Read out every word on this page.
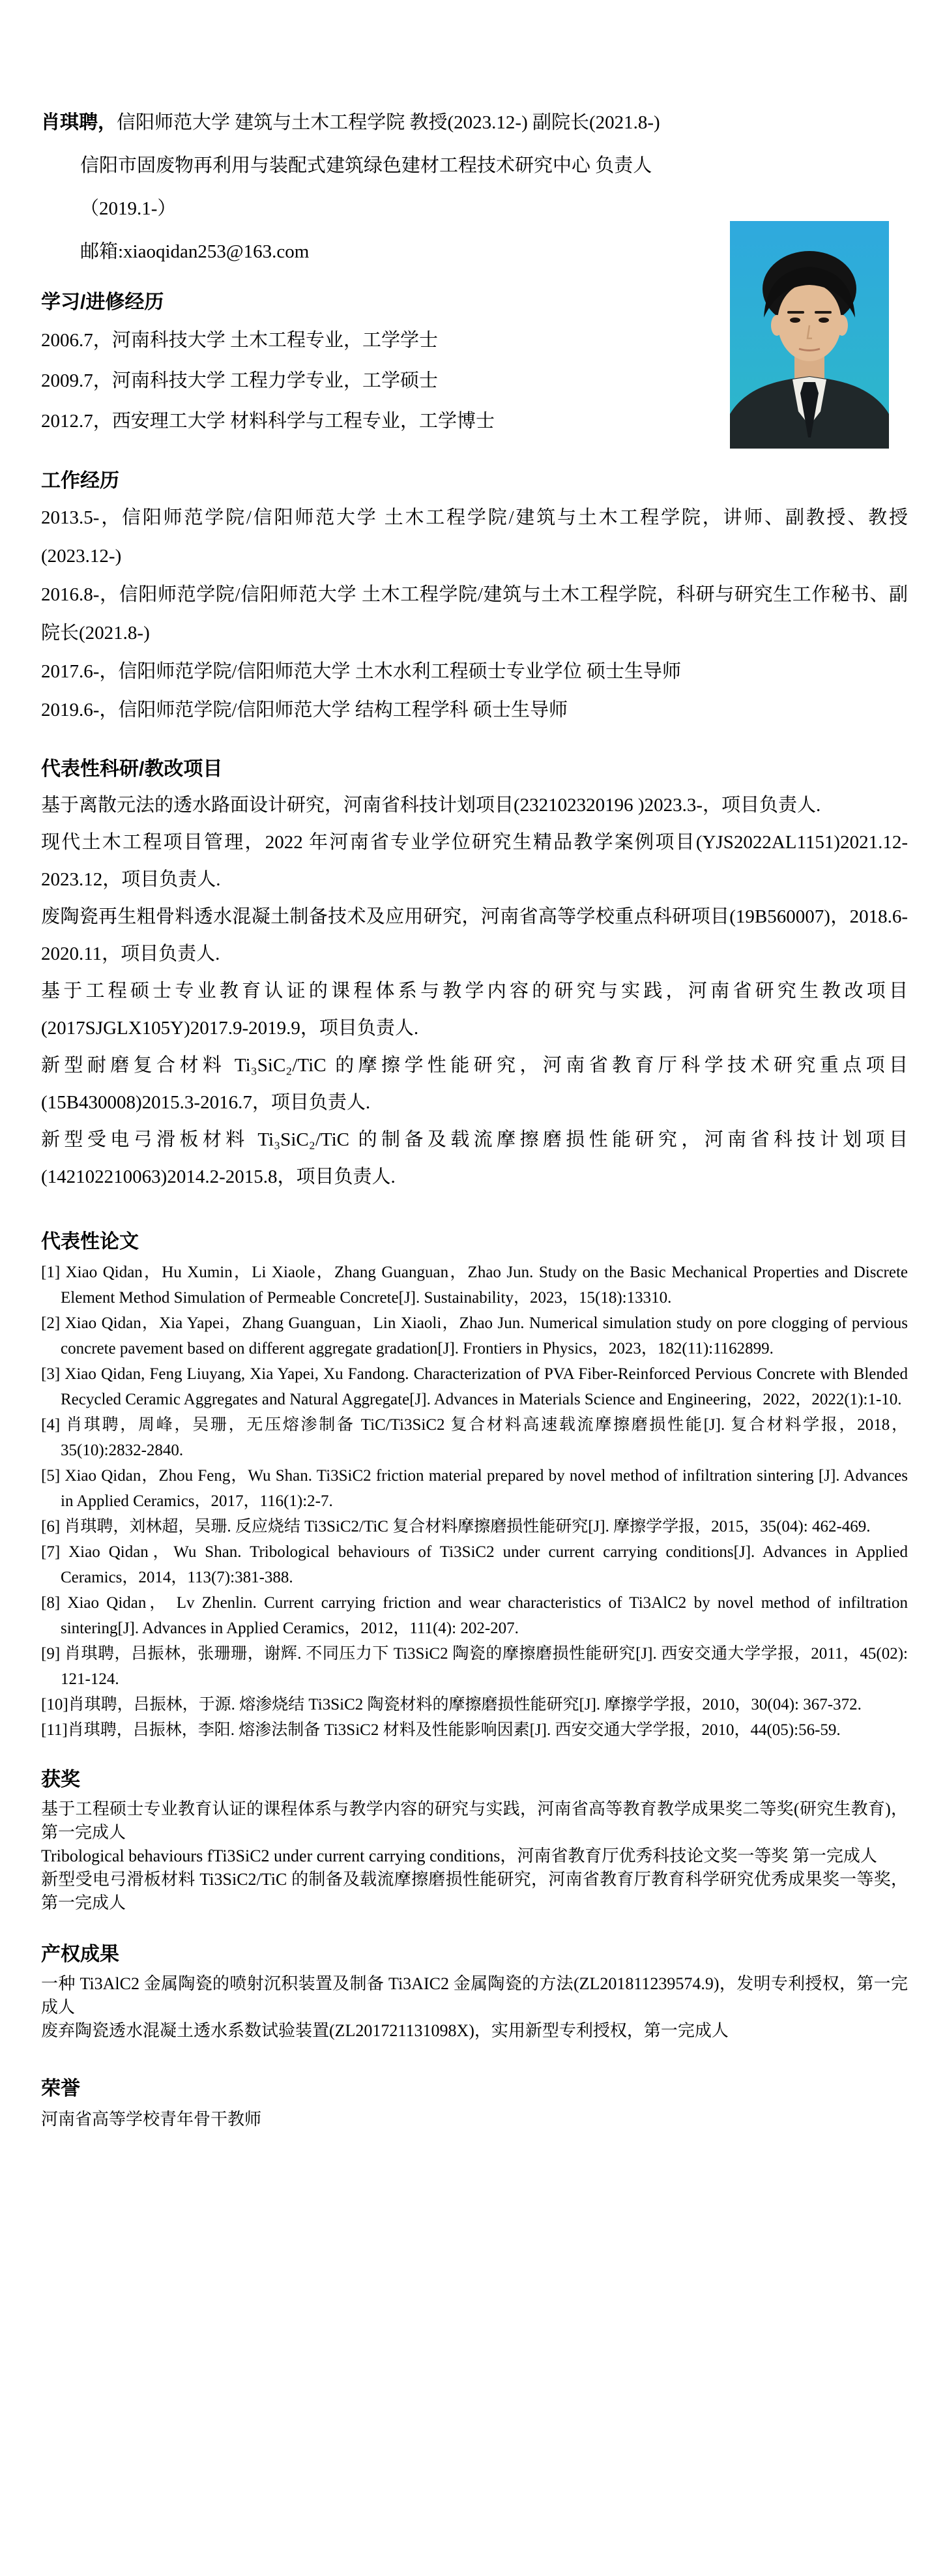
肖琪聘，信阳师范大学 建筑与土木工程学院 教授(2023.12-) 副院长(2021.8-)
信阳市固废物再利用与装配式建筑绿色建材工程技术研究中心 负责人
（2019.1-）
邮箱:xiaoqidan253@163.com
学习/进修经历
2006.7，河南科技大学 土木工程专业，工学学士
2009.7，河南科技大学 工程力学专业，工学硕士
2012.7，西安理工大学 材料科学与工程专业，工学博士
工作经历
2013.5-，信阳师范学院/信阳师范大学 土木工程学院/建筑与土木工程学院，讲师、副教授、教授 (2023.12-)
2016.8-，信阳师范学院/信阳师范大学 土木工程学院/建筑与土木工程学院，科研与研究生工作秘书、副院长(2021.8-)
2017.6-，信阳师范学院/信阳师范大学 土木水利工程硕士专业学位 硕士生导师
2019.6-，信阳师范学院/信阳师范大学 结构工程学科 硕士生导师
代表性科研/教改项目
基于离散元法的透水路面设计研究，河南省科技计划项目(232102320196 )2023.3-，项目负责人.
现代土木工程项目管理，2022 年河南省专业学位研究生精品教学案例项目(YJS2022AL1151)2021.12-2023.12，项目负责人.
废陶瓷再生粗骨料透水混凝土制备技术及应用研究，河南省高等学校重点科研项目(19B560007)，2018.6-2020.11，项目负责人.
基于工程硕士专业教育认证的课程体系与教学内容的研究与实践，河南省研究生教改项目(2017SJGLX105Y)2017.9-2019.9，项目负责人.
新型耐磨复合材料 Ti₃SiC₂/TiC 的摩擦学性能研究，河南省教育厅科学技术研究重点项目(15B430008)2015.3-2016.7，项目负责人.
新型受电弓滑板材料 Ti₃SiC₂/TiC 的制备及载流摩擦磨损性能研究，河南省科技计划项目(142102210063)2014.2-2015.8，项目负责人.
代表性论文
[1] Xiao Qidan，Hu Xumin，Li Xiaole，Zhang Guanguan，Zhao Jun. Study on the Basic Mechanical Properties and Discrete Element Method Simulation of Permeable Concrete[J]. Sustainability，2023，15(18):13310.
[2] Xiao Qidan，Xia Yapei，Zhang Guanguan，Lin Xiaoli，Zhao Jun. Numerical simulation study on pore clogging of pervious concrete pavement based on different aggregate gradation[J]. Frontiers in Physics，2023，182(11):1162899.
[3] Xiao Qidan, Feng Liuyang, Xia Yapei, Xu Fandong. Characterization of PVA Fiber-Reinforced Pervious Concrete with Blended Recycled Ceramic Aggregates and Natural Aggregate[J]. Advances in Materials Science and Engineering，2022，2022(1):1-10.
[4] 肖琪聘，周峰，吴珊，无压熔渗制备 TiC/Ti3SiC2 复合材料高速载流摩擦磨损性能[J]. 复合材料学报，2018，35(10):2832-2840.
[5] Xiao Qidan，Zhou Feng，Wu Shan. Ti3SiC2 friction material prepared by novel method of infiltration sintering [J]. Advances in Applied Ceramics，2017，116(1):2-7.
[6] 肖琪聘，刘林超，吴珊. 反应烧结 Ti3SiC2/TiC 复合材料摩擦磨损性能研究[J]. 摩擦学学报，2015，35(04): 462-469.
[7] Xiao Qidan，Wu Shan. Tribological behaviours of Ti3SiC2 under current carrying conditions[J]. Advances in Applied Ceramics，2014，113(7):381-388.
[8] Xiao Qidan， Lv Zhenlin. Current carrying friction and wear characteristics of Ti3AlC2 by novel method of infiltration sintering[J]. Advances in Applied Ceramics，2012，111(4): 202-207.
[9] 肖琪聘，吕振林，张珊珊，谢辉. 不同压力下 Ti3SiC2 陶瓷的摩擦磨损性能研究[J]. 西安交通大学学报，2011，45(02): 121-124.
[10]肖琪聘，吕振林，于源. 熔渗烧结 Ti3SiC2 陶瓷材料的摩擦磨损性能研究[J]. 摩擦学学报，2010，30(04): 367-372.
[11]肖琪聘，吕振林，李阳. 熔渗法制备 Ti3SiC2 材料及性能影响因素[J]. 西安交通大学学报，2010，44(05):56-59.
获奖
基于工程硕士专业教育认证的课程体系与教学内容的研究与实践，河南省高等教育教学成果奖二等奖(研究生教育)，第一完成人
Tribological behaviours fTi3SiC2 under current carrying conditions，河南省教育厅优秀科技论文奖一等奖 第一完成人
新型受电弓滑板材料 Ti3SiC2/TiC 的制备及载流摩擦磨损性能研究，河南省教育厅教育科学研究优秀成果奖一等奖，第一完成人
产权成果
一种 Ti3AlC2 金属陶瓷的喷射沉积装置及制备 Ti3AIC2 金属陶瓷的方法(ZL201811239574.9)，发明专利授权，第一完成人
废弃陶瓷透水混凝土透水系数试验装置(ZL201721131098X)，实用新型专利授权，第一完成人
荣誉
河南省高等学校青年骨干教师
